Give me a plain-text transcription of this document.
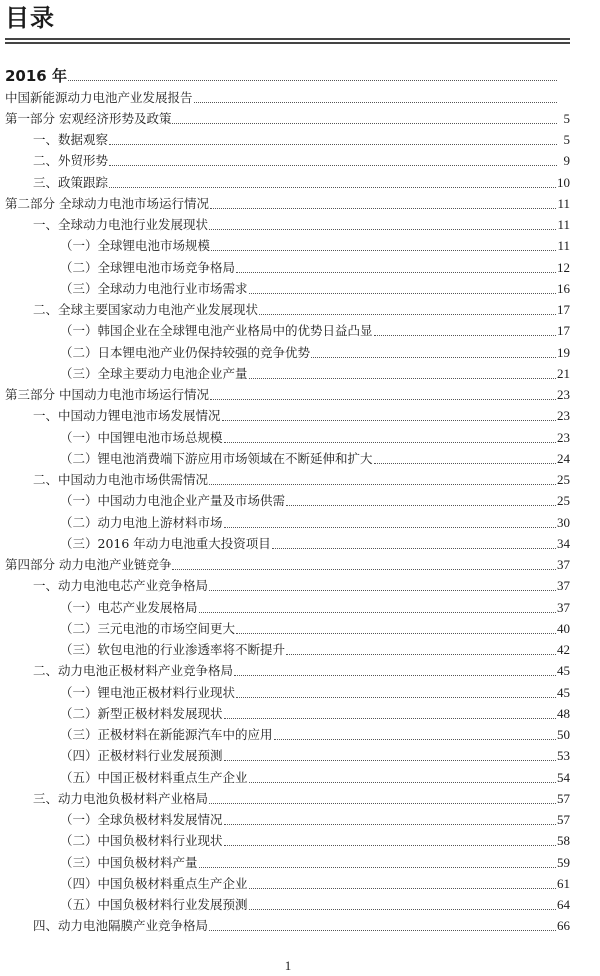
目录
2016 年
中国新能源动力电池产业发展报告
第一部分 宏观经济形势及政策	5
一、数据观察	5
二、外贸形势	9
三、政策跟踪	10
第二部分 全球动力电池市场运行情况	11
一、全球动力电池行业发展现状	11
（一）全球锂电池市场规模	11
（二）全球锂电池市场竞争格局	12
（三）全球动力电池行业市场需求	16
二、全球主要国家动力电池产业发展现状	17
（一）韩国企业在全球锂电池产业格局中的优势日益凸显	17
（二）日本锂电池产业仍保持较强的竞争优势	19
（三）全球主要动力电池企业产量	21
第三部分 中国动力电池市场运行情况	23
一、中国动力锂电池市场发展情况	23
（一）中国锂电池市场总规模	23
（二）锂电池消费端下游应用市场领域在不断延伸和扩大	24
二、中国动力电池市场供需情况	25
（一）中国动力电池企业产量及市场供需	25
（二）动力电池上游材料市场	30
（三）2016 年动力电池重大投资项目	34
第四部分 动力电池产业链竞争	37
一、动力电池电芯产业竞争格局	37
（一）电芯产业发展格局	37
（二）三元电池的市场空间更大	40
（三）软包电池的行业渗透率将不断提升	42
二、动力电池正极材料产业竞争格局	45
（一）锂电池正极材料行业现状	45
（二）新型正极材料发展现状	48
（三）正极材料在新能源汽车中的应用	50
（四）正极材料行业发展预测	53
（五）中国正极材料重点生产企业	54
三、动力电池负极材料产业格局	57
（一）全球负极材料发展情况	57
（二）中国负极材料行业现状	58
（三）中国负极材料产量	59
（四）中国负极材料重点生产企业	61
（五）中国负极材料行业发展预测	64
四、动力电池隔膜产业竞争格局	66
1
